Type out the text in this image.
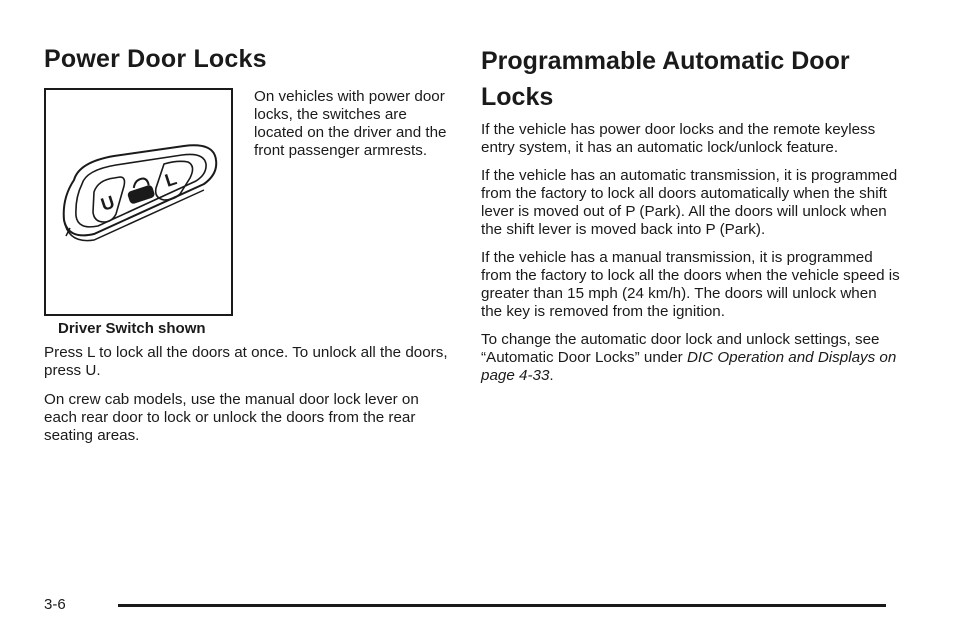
Power Door Locks
U
L
Driver Switch shown

On vehicles with power door locks, the switches are located on the driver and the front passenger armrests.

Press L to lock all the doors at once. To unlock all the doors, press U.

On crew cab models, use the manual door lock lever on each rear door to lock or unlock the doors from the rear seating areas.

Programmable Automatic Door Locks

If the vehicle has power door locks and the remote keyless entry system, it has an automatic lock/unlock feature.

If the vehicle has an automatic transmission, it is programmed from the factory to lock all doors automatically when the shift lever is moved out of P (Park). All the doors will unlock when the shift lever is moved back into P (Park).

If the vehicle has a manual transmission, it is programmed from the factory to lock all the doors when the vehicle speed is greater than 15 mph (24 km/h). The doors will unlock when the key is removed from the ignition.

To change the automatic door lock and unlock settings, see “Automatic Door Locks” under DIC Operation and Displays on page 4-33.

3-6
